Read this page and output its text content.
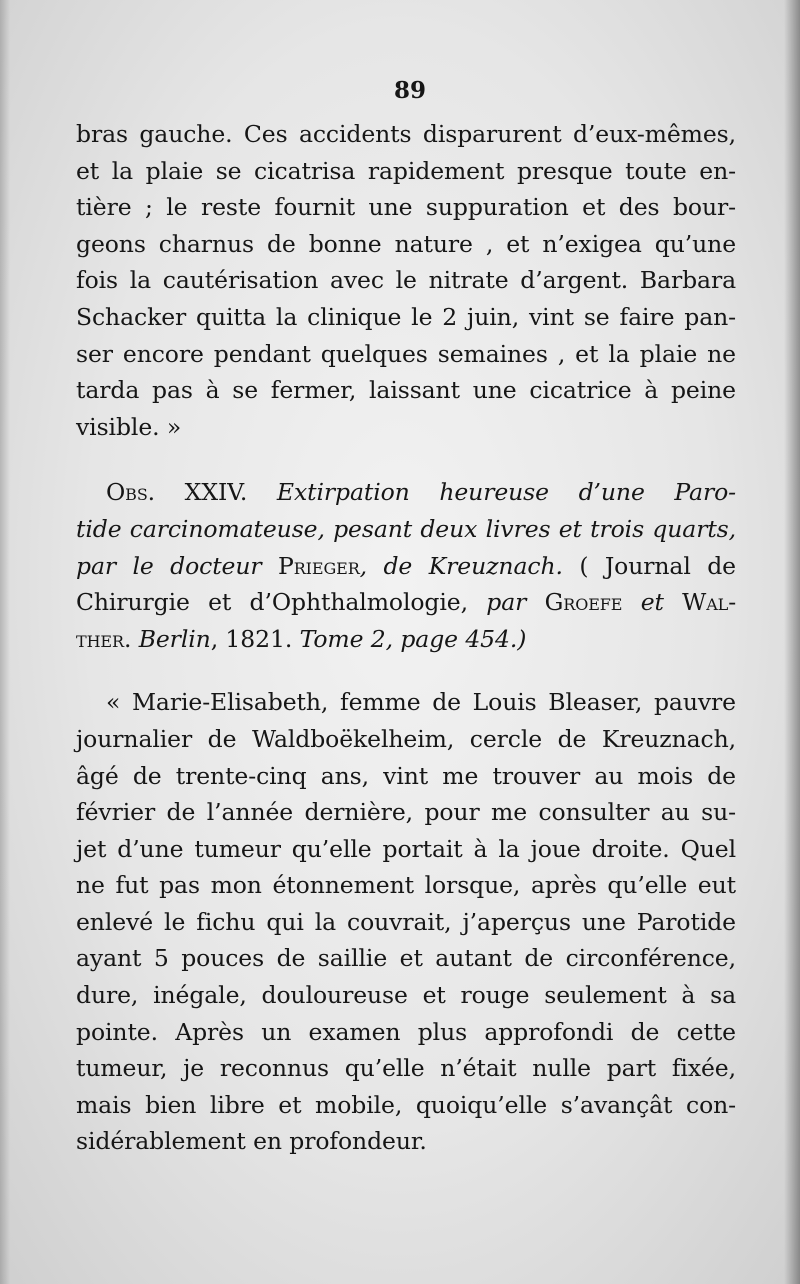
89
bras gauche. Ces accidents disparurent d’eux-mêmes,
et la plaie se cicatrisa rapidement presque toute en-
tière ; le reste fournit une suppuration et des bour-
geons charnus de bonne nature , et n’exigea qu’une
fois la cautérisation avec le nitrate d’argent. Barbara
Schacker quitta la clinique le 2 juin, vint se faire pan-
ser encore pendant quelques semaines , et la plaie ne
tarda pas à se fermer, laissant une cicatrice à peine
visible. »
Obs. XXIV. Extirpation heureuse d’une Paro-
tide carcinomateuse, pesant deux livres et trois quarts,
par le docteur Prieger, de Kreuznach. ( Journal de
Chirurgie et d’Ophthalmologie, par Groefe et Wal-
ther. Berlin, 1821. Tome 2, page 454.)
« Marie-Elisabeth, femme de Louis Bleaser, pauvre
journalier de Waldboëkelheim, cercle de Kreuznach,
âgé de trente-cinq ans, vint me trouver au mois de
février de l’année dernière, pour me consulter au su-
jet d’une tumeur qu’elle portait à la joue droite. Quel
ne fut pas mon étonnement lorsque, après qu’elle eut
enlevé le fichu qui la couvrait, j’aperçus une Parotide
ayant 5 pouces de saillie et autant de circonférence,
dure, inégale, douloureuse et rouge seulement à sa
pointe. Après un examen plus approfondi de cette
tumeur, je reconnus qu’elle n’était nulle part fixée,
mais bien libre et mobile, quoiqu’elle s’avançât con-
sidérablement en profondeur.
